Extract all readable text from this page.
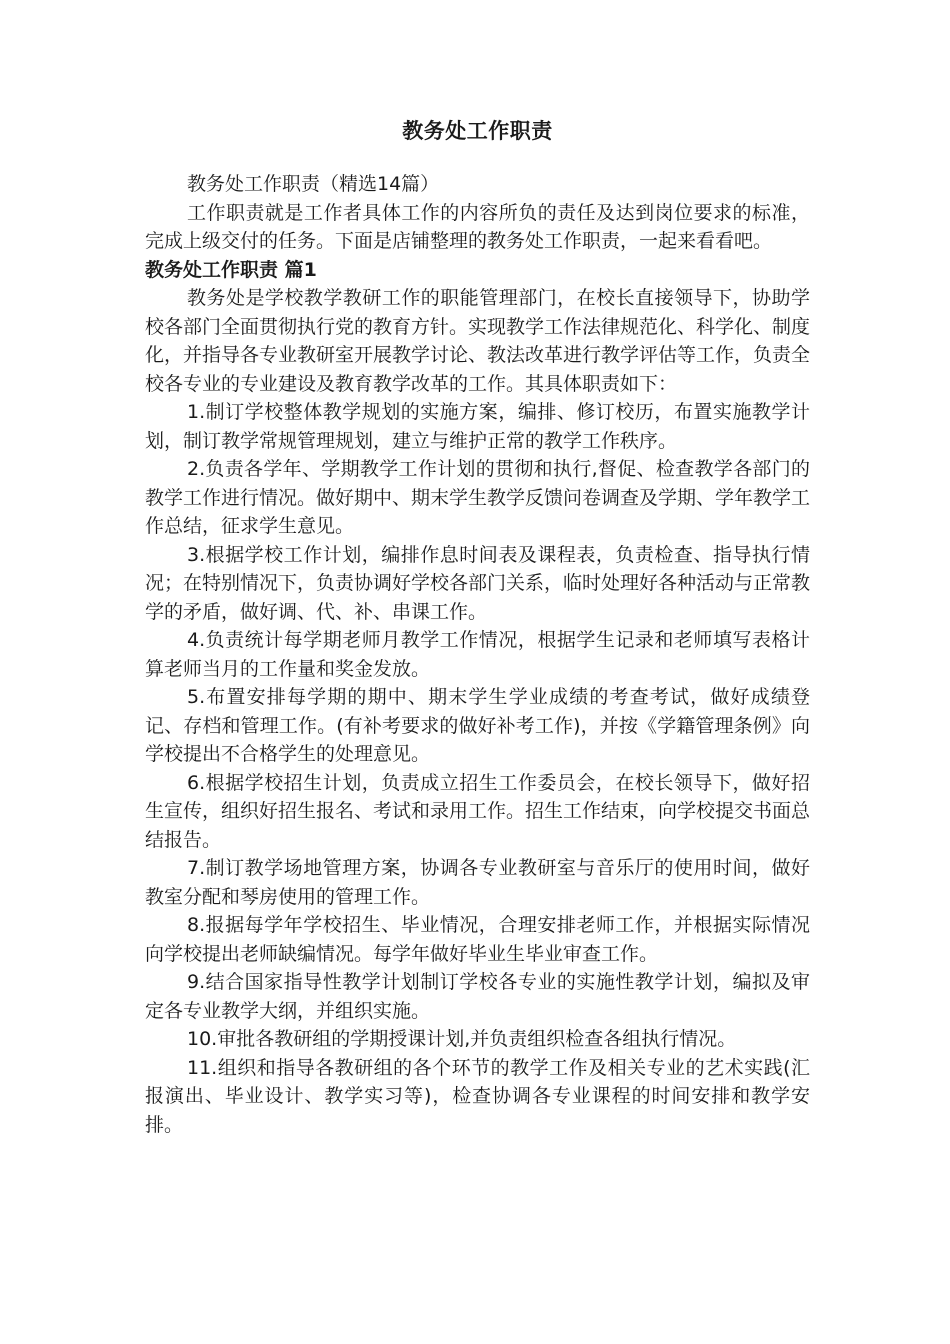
教务处工作职责

教务处工作职责（精选14篇）

工作职责就是工作者具体工作的内容所负的责任及达到岗位要求的标准，完成上级交付的任务。下面是店铺整理的教务处工作职责，一起来看看吧。

教务处工作职责 篇1

教务处是学校教学教研工作的职能管理部门，在校长直接领导下，协助学校各部门全面贯彻执行党的教育方针。实现教学工作法律规范化、科学化、制度化，并指导各专业教研室开展教学讨论、教法改革进行教学评估等工作，负责全校各专业的专业建设及教育教学改革的工作。其具体职责如下：

1.制订学校整体教学规划的实施方案，编排、修订校历，布置实施教学计划，制订教学常规管理规划，建立与维护正常的教学工作秩序。

2.负责各学年、学期教学工作计划的贯彻和执行,督促、检查教学各部门的教学工作进行情况。做好期中、期末学生教学反馈问卷调查及学期、学年教学工作总结，征求学生意见。

3.根据学校工作计划，编排作息时间表及课程表，负责检查、指导执行情况；在特别情况下，负责协调好学校各部门关系，临时处理好各种活动与正常教学的矛盾，做好调、代、补、串课工作。

4.负责统计每学期老师月教学工作情况，根据学生记录和老师填写表格计算老师当月的工作量和奖金发放。

5.布置安排每学期的期中、期末学生学业成绩的考查考试，做好成绩登记、存档和管理工作。(有补考要求的做好补考工作)，并按《学籍管理条例》向学校提出不合格学生的处理意见。

6.根据学校招生计划，负责成立招生工作委员会，在校长领导下，做好招生宣传，组织好招生报名、考试和录用工作。招生工作结束，向学校提交书面总结报告。

7.制订教学场地管理方案，协调各专业教研室与音乐厅的使用时间，做好教室分配和琴房使用的管理工作。

8.报据每学年学校招生、毕业情况，合理安排老师工作，并根据实际情况向学校提出老师缺编情况。每学年做好毕业生毕业审查工作。

9.结合国家指导性教学计划制订学校各专业的实施性教学计划，编拟及审定各专业教学大纲，并组织实施。

10.审批各教研组的学期授课计划,并负责组织检查各组执行情况。

11.组织和指导各教研组的各个环节的教学工作及相关专业的艺术实践(汇报演出、毕业设计、教学实习等)，检查协调各专业课程的时间安排和教学安排。
